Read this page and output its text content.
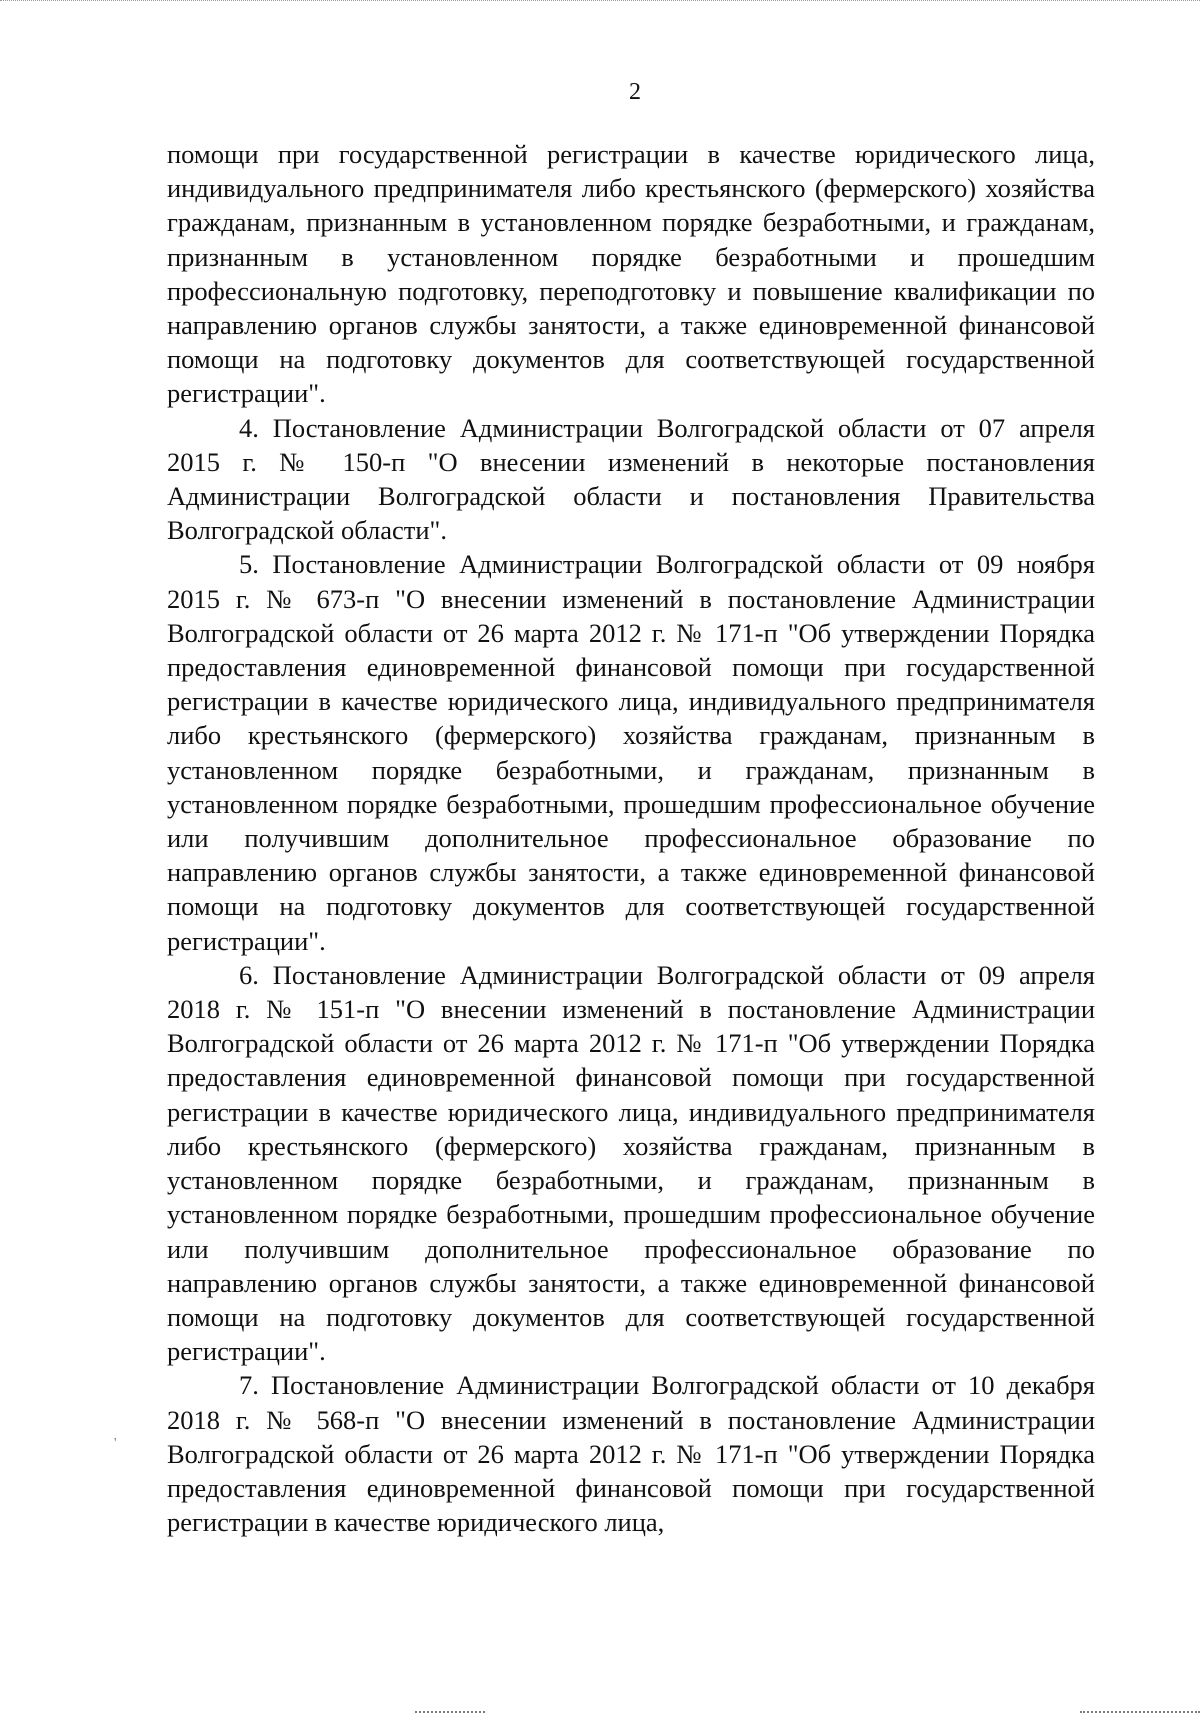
2

помощи при государственной регистрации в качестве юридического лица, индивидуального предпринимателя либо крестьянского (фермерского) хозяйства гражданам, признанным в установленном порядке безработными, и гражданам, признанным в установленном порядке безработными и прошедшим профессиональную подготовку, переподготовку и повышение квалификации по направлению органов службы занятости, а также единовременной финансовой помощи на подготовку документов для соответствующей государственной регистрации".

4. Постановление Администрации Волгоградской области от 07 апреля 2015 г. № 150-п "О внесении изменений в некоторые постановления Администрации Волгоградской области и постановления Правительства Волгоградской области".

5. Постановление Администрации Волгоградской области от 09 ноября 2015 г. № 673-п "О внесении изменений в постановление Администрации Волгоградской области от 26 марта 2012 г. № 171-п "Об утверждении Порядка предоставления единовременной финансовой помощи при государственной регистрации в качестве юридического лица, индивидуального предпринимателя либо крестьянского (фермерского) хозяйства гражданам, признанным в установленном порядке безработными, и гражданам, признанным в установленном порядке безработными, прошедшим профессиональное обучение или получившим дополнительное профессиональное образование по направлению органов службы занятости, а также единовременной финансовой помощи на подготовку документов для соответствующей государственной регистрации".

6. Постановление Администрации Волгоградской области от 09 апреля 2018 г. № 151-п "О внесении изменений в постановление Администрации Волгоградской области от 26 марта 2012 г. № 171-п "Об утверждении Порядка предоставления единовременной финансовой помощи при государственной регистрации в качестве юридического лица, индивидуального предпринимателя либо крестьянского (фермерского) хозяйства гражданам, признанным в установленном порядке безработными, и гражданам, признанным в установленном порядке безработными, прошедшим профессиональное обучение или получившим дополнительное профессиональное образование по направлению органов службы занятости, а также единовременной финансовой помощи на подготовку документов для соответствующей государственной регистрации".

7. Постановление Администрации Волгоградской области от 10 декабря 2018 г. № 568-п "О внесении изменений в постановление Администрации Волгоградской области от 26 марта 2012 г. № 171-п "Об утверждении Порядка предоставления единовременной финансовой помощи при государственной регистрации в качестве юридического лица,

'
